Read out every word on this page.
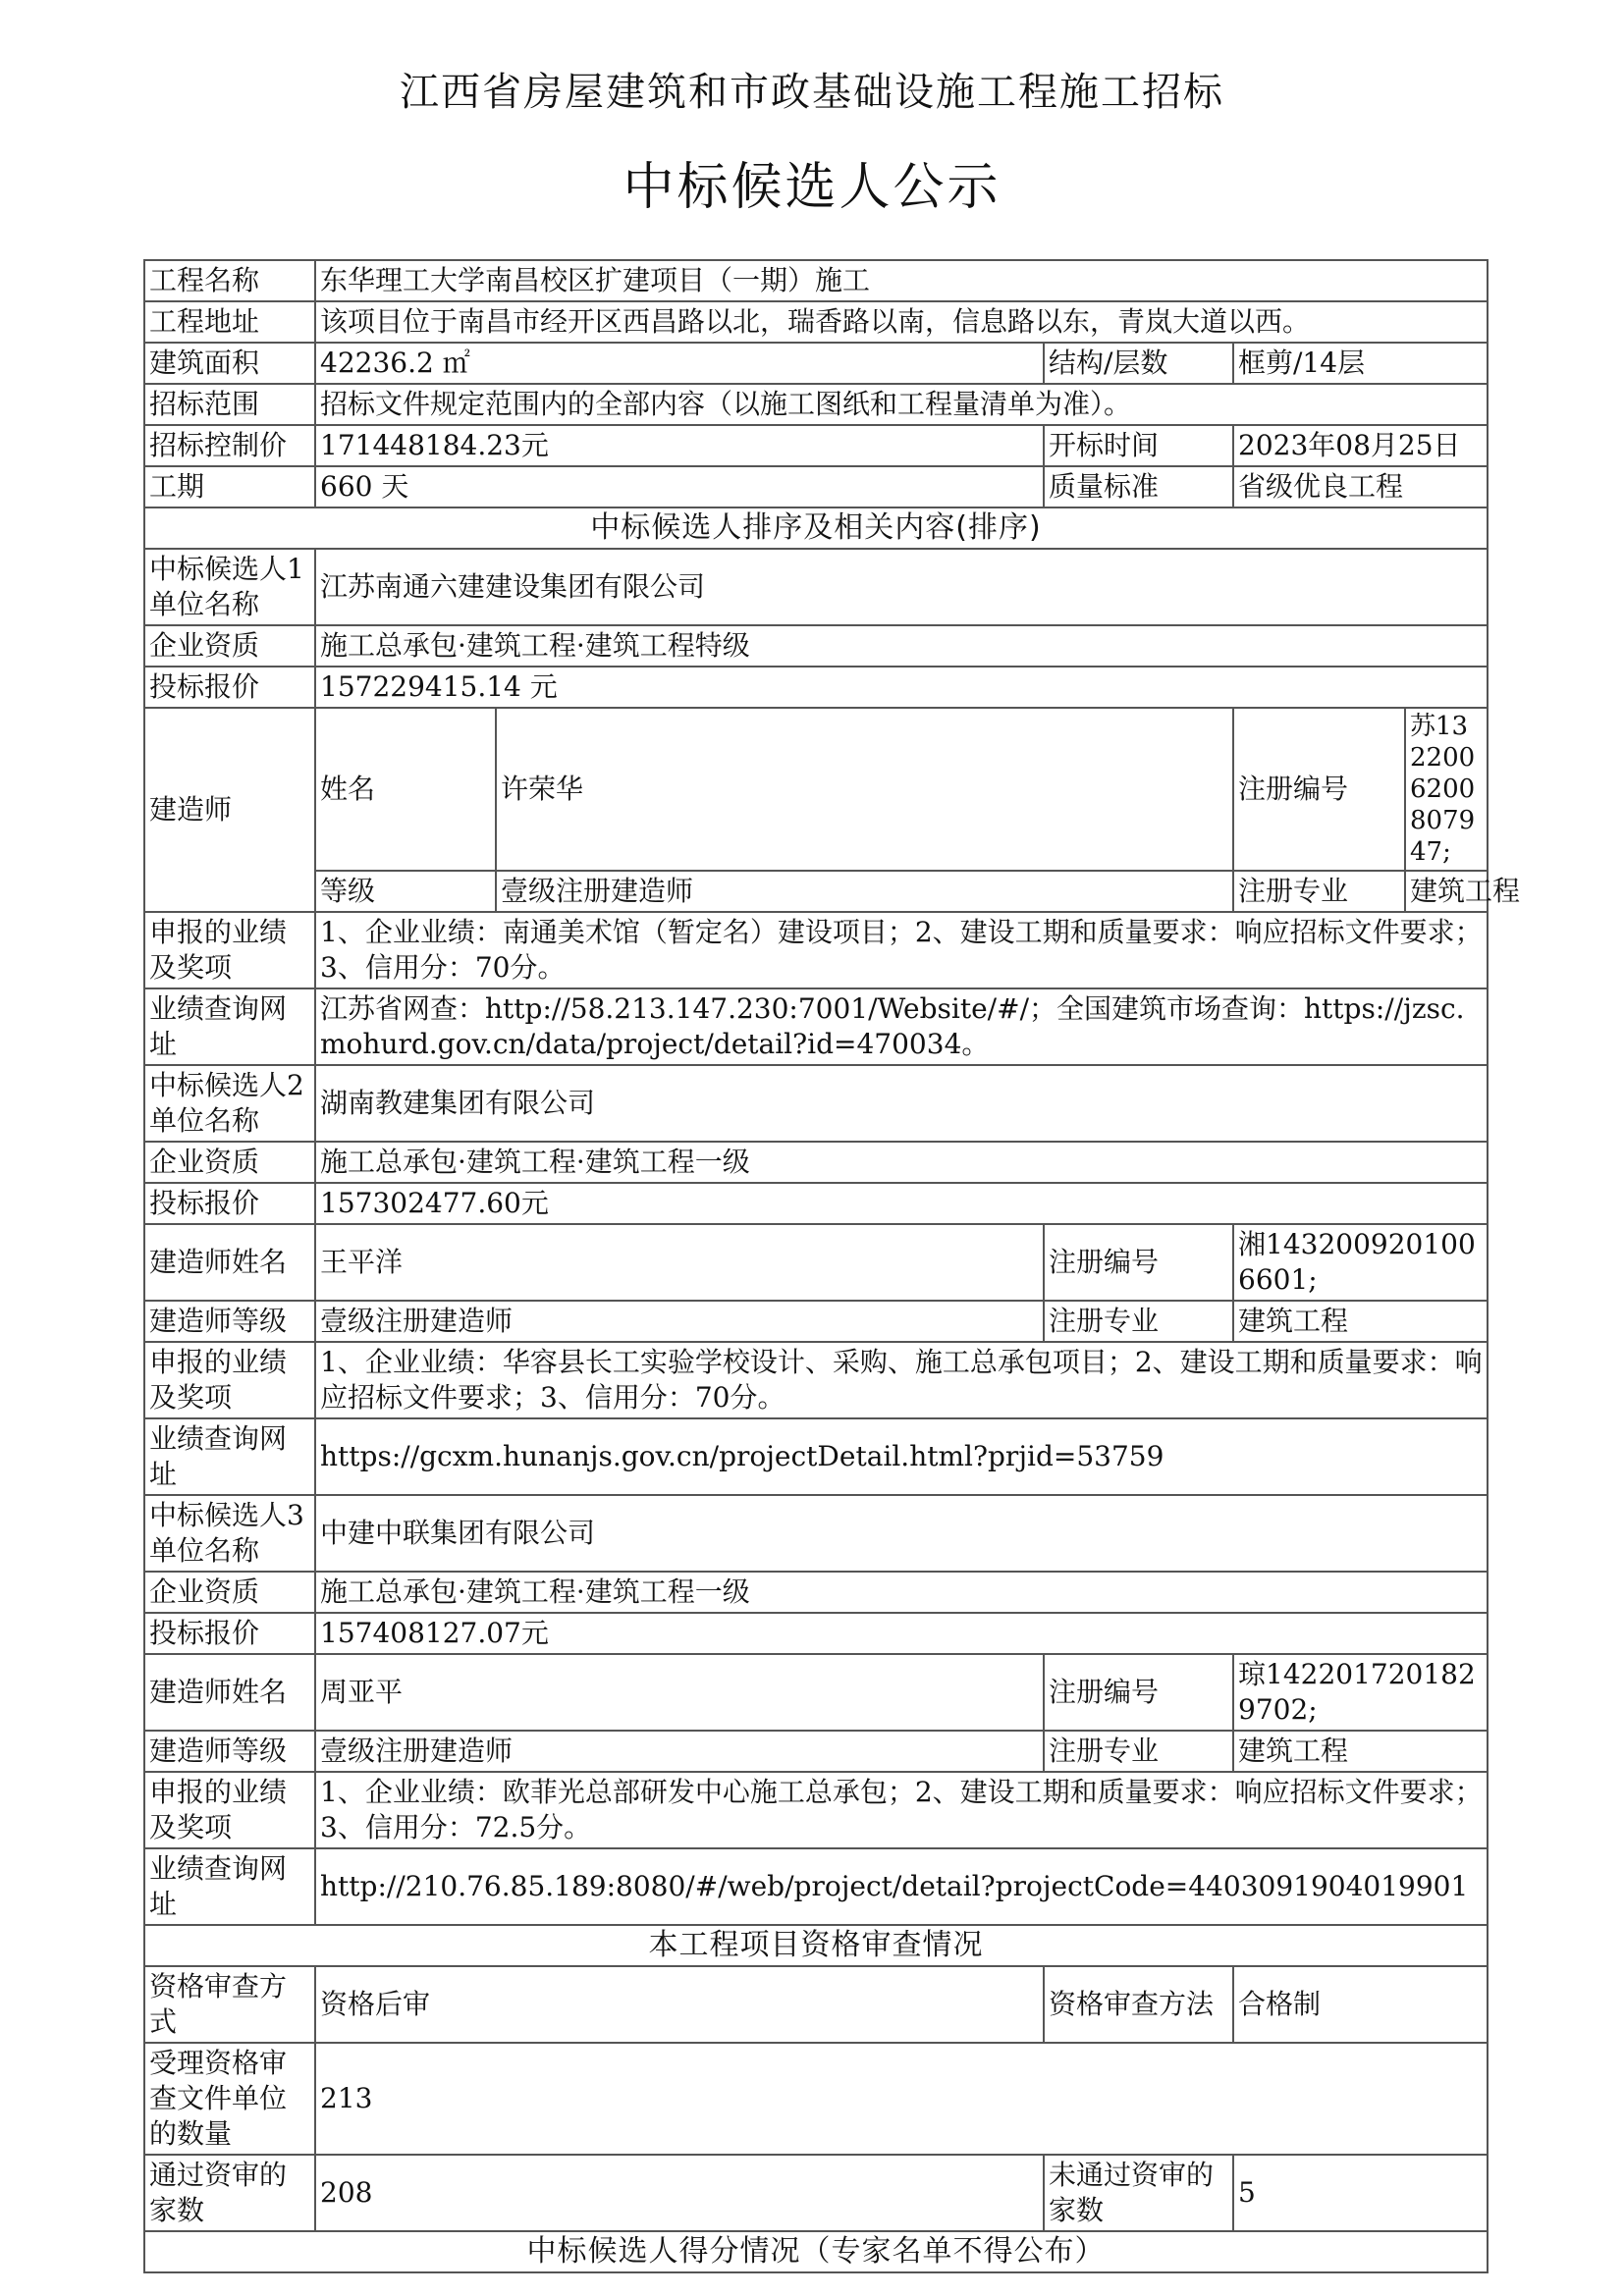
江西省房屋建筑和市政基础设施工程施工招标
中标候选人公示
工程名称	东华理工大学南昌校区扩建项目（一期）施工				
工程地址	该项目位于南昌市经开区西昌路以北，瑞香路以南，信息路以东，青岚大道以西。				
建筑面积	42236.2 ㎡		结构/层数	框剪/14层	
招标范围	招标文件规定范围内的全部内容（以施工图纸和工程量清单为准）。				
招标控制价	171448184.23元		开标时间	2023年08月25日	
工期	660 天		质量标准	省级优良工程	
中标候选人排序及相关内容(排序)					
中标候选人1单位名称	江苏南通六建建设集团有限公司				
企业资质	施工总承包·建筑工程·建筑工程特级				
投标报价	157229415.14 元				
建造师	姓名	许荣华		注册编号	苏1322006200807947;
	等级	壹级注册建造师		注册专业	建筑工程
申报的业绩及奖项	1、企业业绩：南通美术馆（暂定名）建设项目；2、建设工期和质量要求：响应招标文件要求；3、信用分：70分。				
业绩查询网址	江苏省网查：http://58.213.147.230:7001/Website/#/；全国建筑市场查询：https://jzsc.mohurd.gov.cn/data/project/detail?id=470034。				
中标候选人2单位名称	湖南教建集团有限公司				
企业资质	施工总承包·建筑工程·建筑工程一级				
投标报价	157302477.60元				
建造师姓名	王平洋		注册编号	湘1432009201006601;	
建造师等级	壹级注册建造师		注册专业	建筑工程	
申报的业绩及奖项	1、企业业绩：华容县长工实验学校设计、采购、施工总承包项目；2、建设工期和质量要求：响应招标文件要求；3、信用分：70分。				
业绩查询网址	https://gcxm.hunanjs.gov.cn/projectDetail.html?prjid=53759				
中标候选人3单位名称	中建中联集团有限公司				
企业资质	施工总承包·建筑工程·建筑工程一级				
投标报价	157408127.07元				
建造师姓名	周亚平		注册编号	琼1422017201829702;	
建造师等级	壹级注册建造师		注册专业	建筑工程	
申报的业绩及奖项	1、企业业绩：欧菲光总部研发中心施工总承包；2、建设工期和质量要求：响应招标文件要求；3、信用分：72.5分。				
业绩查询网址	http://210.76.85.189:8080/#/web/project/detail?projectCode=4403091904019901				
本工程项目资格审查情况					
资格审查方式	资格后审		资格审查方法	合格制	
受理资格审查文件单位的数量	213				
通过资审的家数	208		未通过资审的家数	5	
中标候选人得分情况（专家名单不得公布）					
